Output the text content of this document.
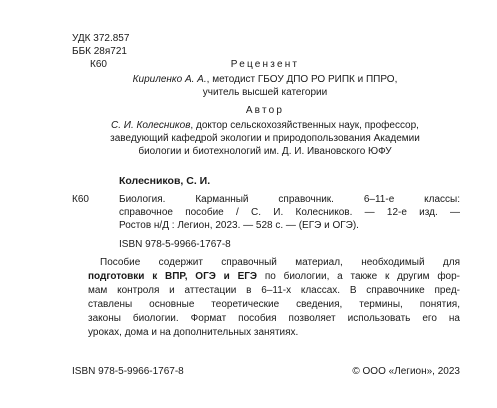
УДК 372.857
ББК 28я721
К60	Рецензент
Кириленко А. А., методист ГБОУ ДПО РО РИПК и ППРО,
учитель высшей категории
Автор
С. И. Колесников, доктор сельскохозяйственных наук, профессор,
заведующий кафедрой экологии и природопользования Академии
биологии и биотехнологий им. Д. И. Ивановского ЮФУ
Колесников, С. И.
К60	Биология. Карманный справочник. 6–11-е классы:
справочное пособие / С. И. Колесников. — 12-е изд. —
Ростов н/Д : Легион, 2023. — 528 с. — (ЕГЭ и ОГЭ).
ISBN 978-5-9966-1767-8
Пособие содержит справочный материал, необходимый для
подготовки к ВПР, ОГЭ и ЕГЭ по биологии, а также к другим фор-
мам контроля и аттестации в 6–11-х классах. В справочнике пред-
ставлены основные теоретические сведения, термины, понятия,
законы биологии. Формат пособия позволяет использовать его на
уроках, дома и на дополнительных занятиях.
ISBN 978-5-9966-1767-8	© ООО «Легион», 2023
